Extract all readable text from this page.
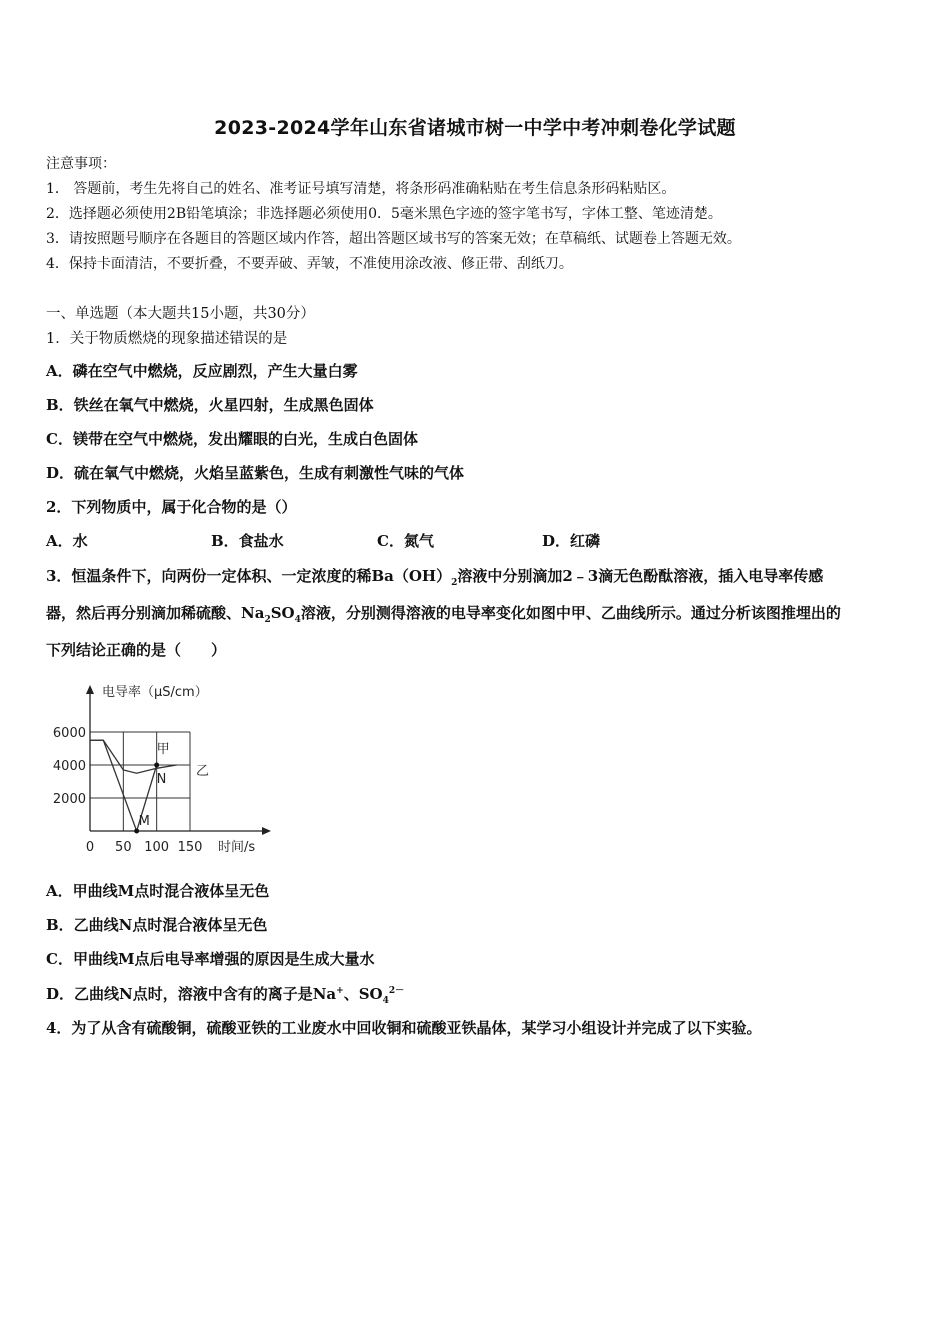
2023-2024学年山东省诸城市树一中学中考冲刺卷化学试题
注意事项：
1． 答题前，考生先将自己的姓名、准考证号填写清楚，将条形码准确粘贴在考生信息条形码粘贴区。
2．选择题必须使用2B铅笔填涂；非选择题必须使用0．5毫米黑色字迹的签字笔书写，字体工整、笔迹清楚。
3．请按照题号顺序在各题目的答题区域内作答，超出答题区域书写的答案无效；在草稿纸、试题卷上答题无效。
4．保持卡面清洁，不要折叠，不要弄破、弄皱，不准使用涂改液、修正带、刮纸刀。
一、单选题（本大题共15小题，共30分）
1．关于物质燃烧的现象描述错误的是
A．磷在空气中燃烧，反应剧烈，产生大量白雾
B．铁丝在氧气中燃烧，火星四射，生成黑色固体
C．镁带在空气中燃烧，发出耀眼的白光，生成白色固体
D．硫在氧气中燃烧，火焰呈蓝紫色，生成有刺激性气味的气体
2．下列物质中，属于化合物的是（）
A．水	B．食盐水	C．氮气	D．红磷
3．恒温条件下，向两份一定体积、一定浓度的稀$Ba(OH)_2$溶液中分别滴加2﹣3滴无色酚酞溶液，插入电导率传感
器，然后再分别滴加稀硫酸、$Na_2SO_4$溶液，分别测得溶液的电导率变化如图中甲、乙曲线所示。通过分析该图推埋出的
下列结论正确的是（　　）
电导率（μS/cm）
时间/s
6000
4000
2000
0 50 100 150
甲
乙
M
N
A．甲曲线M点时混合液体呈无色
B．乙曲线N点时混合液体呈无色
C．甲曲线M点后电导率增强的原因是生成大量水
D．乙曲线N点时，溶液中含有的离子是Na+、$SO_4^{2-}$
4．为了从含有硫酸铜，硫酸亚铁的工业废水中回收铜和硫酸亚铁晶体，某学习小组设计并完成了以下实验。
